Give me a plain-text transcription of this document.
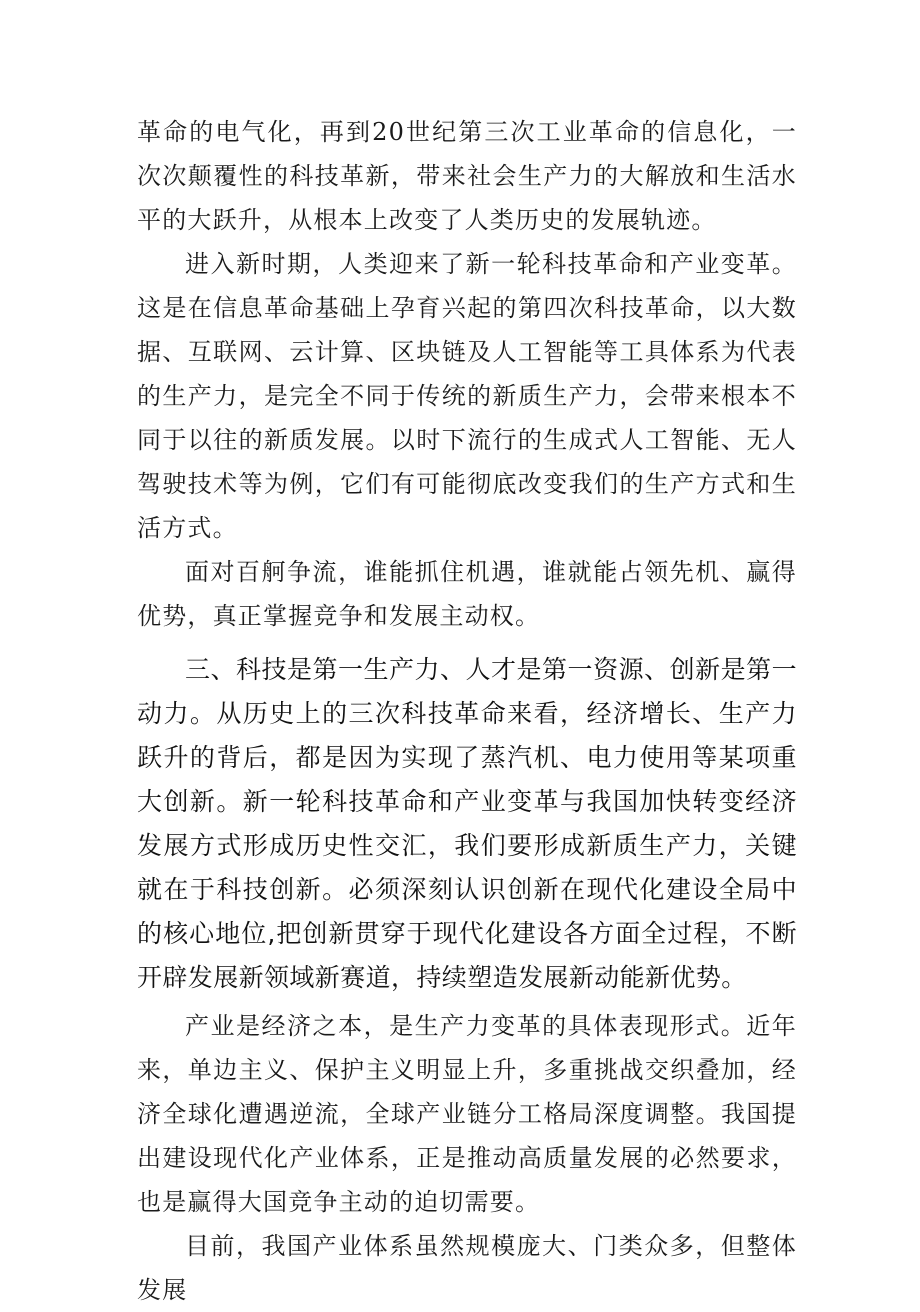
革命的电气化，再到20世纪第三次工业革命的信息化，一次次颠覆性的科技革新，带来社会生产力的大解放和生活水平的大跃升，从根本上改变了人类历史的发展轨迹。

进入新时期，人类迎来了新一轮科技革命和产业变革。这是在信息革命基础上孕育兴起的第四次科技革命，以大数据、互联网、云计算、区块链及人工智能等工具体系为代表的生产力，是完全不同于传统的新质生产力，会带来根本不同于以往的新质发展。以时下流行的生成式人工智能、无人驾驶技术等为例，它们有可能彻底改变我们的生产方式和生活方式。

面对百舸争流，谁能抓住机遇，谁就能占领先机、赢得优势，真正掌握竞争和发展主动权。

三、科技是第一生产力、人才是第一资源、创新是第一动力。从历史上的三次科技革命来看，经济增长、生产力跃升的背后，都是因为实现了蒸汽机、电力使用等某项重大创新。新一轮科技革命和产业变革与我国加快转变经济发展方式形成历史性交汇，我们要形成新质生产力，关键就在于科技创新。必须深刻认识创新在现代化建设全局中的核心地位,把创新贯穿于现代化建设各方面全过程，不断开辟发展新领域新赛道，持续塑造发展新动能新优势。

产业是经济之本，是生产力变革的具体表现形式。近年来，单边主义、保护主义明显上升，多重挑战交织叠加，经济全球化遭遇逆流，全球产业链分工格局深度调整。我国提出建设现代化产业体系，正是推动高质量发展的必然要求，也是赢得大国竞争主动的迫切需要。

目前，我国产业体系虽然规模庞大、门类众多，但整体发展
